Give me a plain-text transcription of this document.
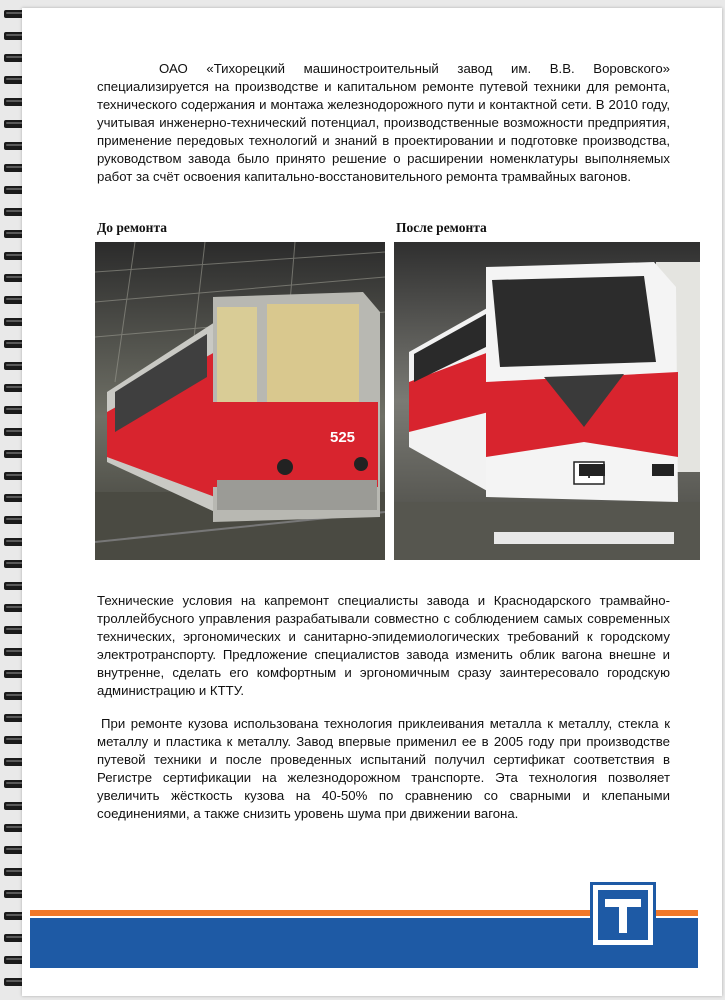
ОАО «Тихорецкий машиностроительный завод им. В.В. Воровского» специализируется на производстве и капитальном ремонте путевой техники для ремонта, технического содержания и монтажа железнодорожного пути и контактной сети. В 2010 году, учитывая инженерно-технический потенциал, производственные возможности предприятия, применение передовых технологий и знаний в проектировании и подготовке производства, руководством завода было принято решение о расширении номенклатуры выполняемых работ за счёт освоения капитально-восстановительного ремонта трамвайных вагонов.

До ремонта	После ремонта

525

Технические условия на капремонт специалисты завода и Краснодарского трамвайно-троллейбусного управления разрабатывали совместно с соблюдением самых современных технических, эргономических и санитарно-эпидемиологических требований к городскому электротранспорту. Предложение специалистов завода изменить облик вагона внешне и внутренне, сделать его комфортным и эргономичным сразу заинтересовало городскую администрацию и КТТУ.

При ремонте кузова использована технология приклеивания металла к металлу, стекла к металлу и пластика к металлу. Завод впервые применил ее в 2005 году при производстве путевой техники и после проведенных испытаний получил сертификат соответствия в Регистре сертификации на железнодорожном транспорте. Эта технология позволяет увеличить жёсткость кузова на 40-50% по сравнению со сварными и клепаными соединениями, а также снизить уровень шума при движении вагона.
